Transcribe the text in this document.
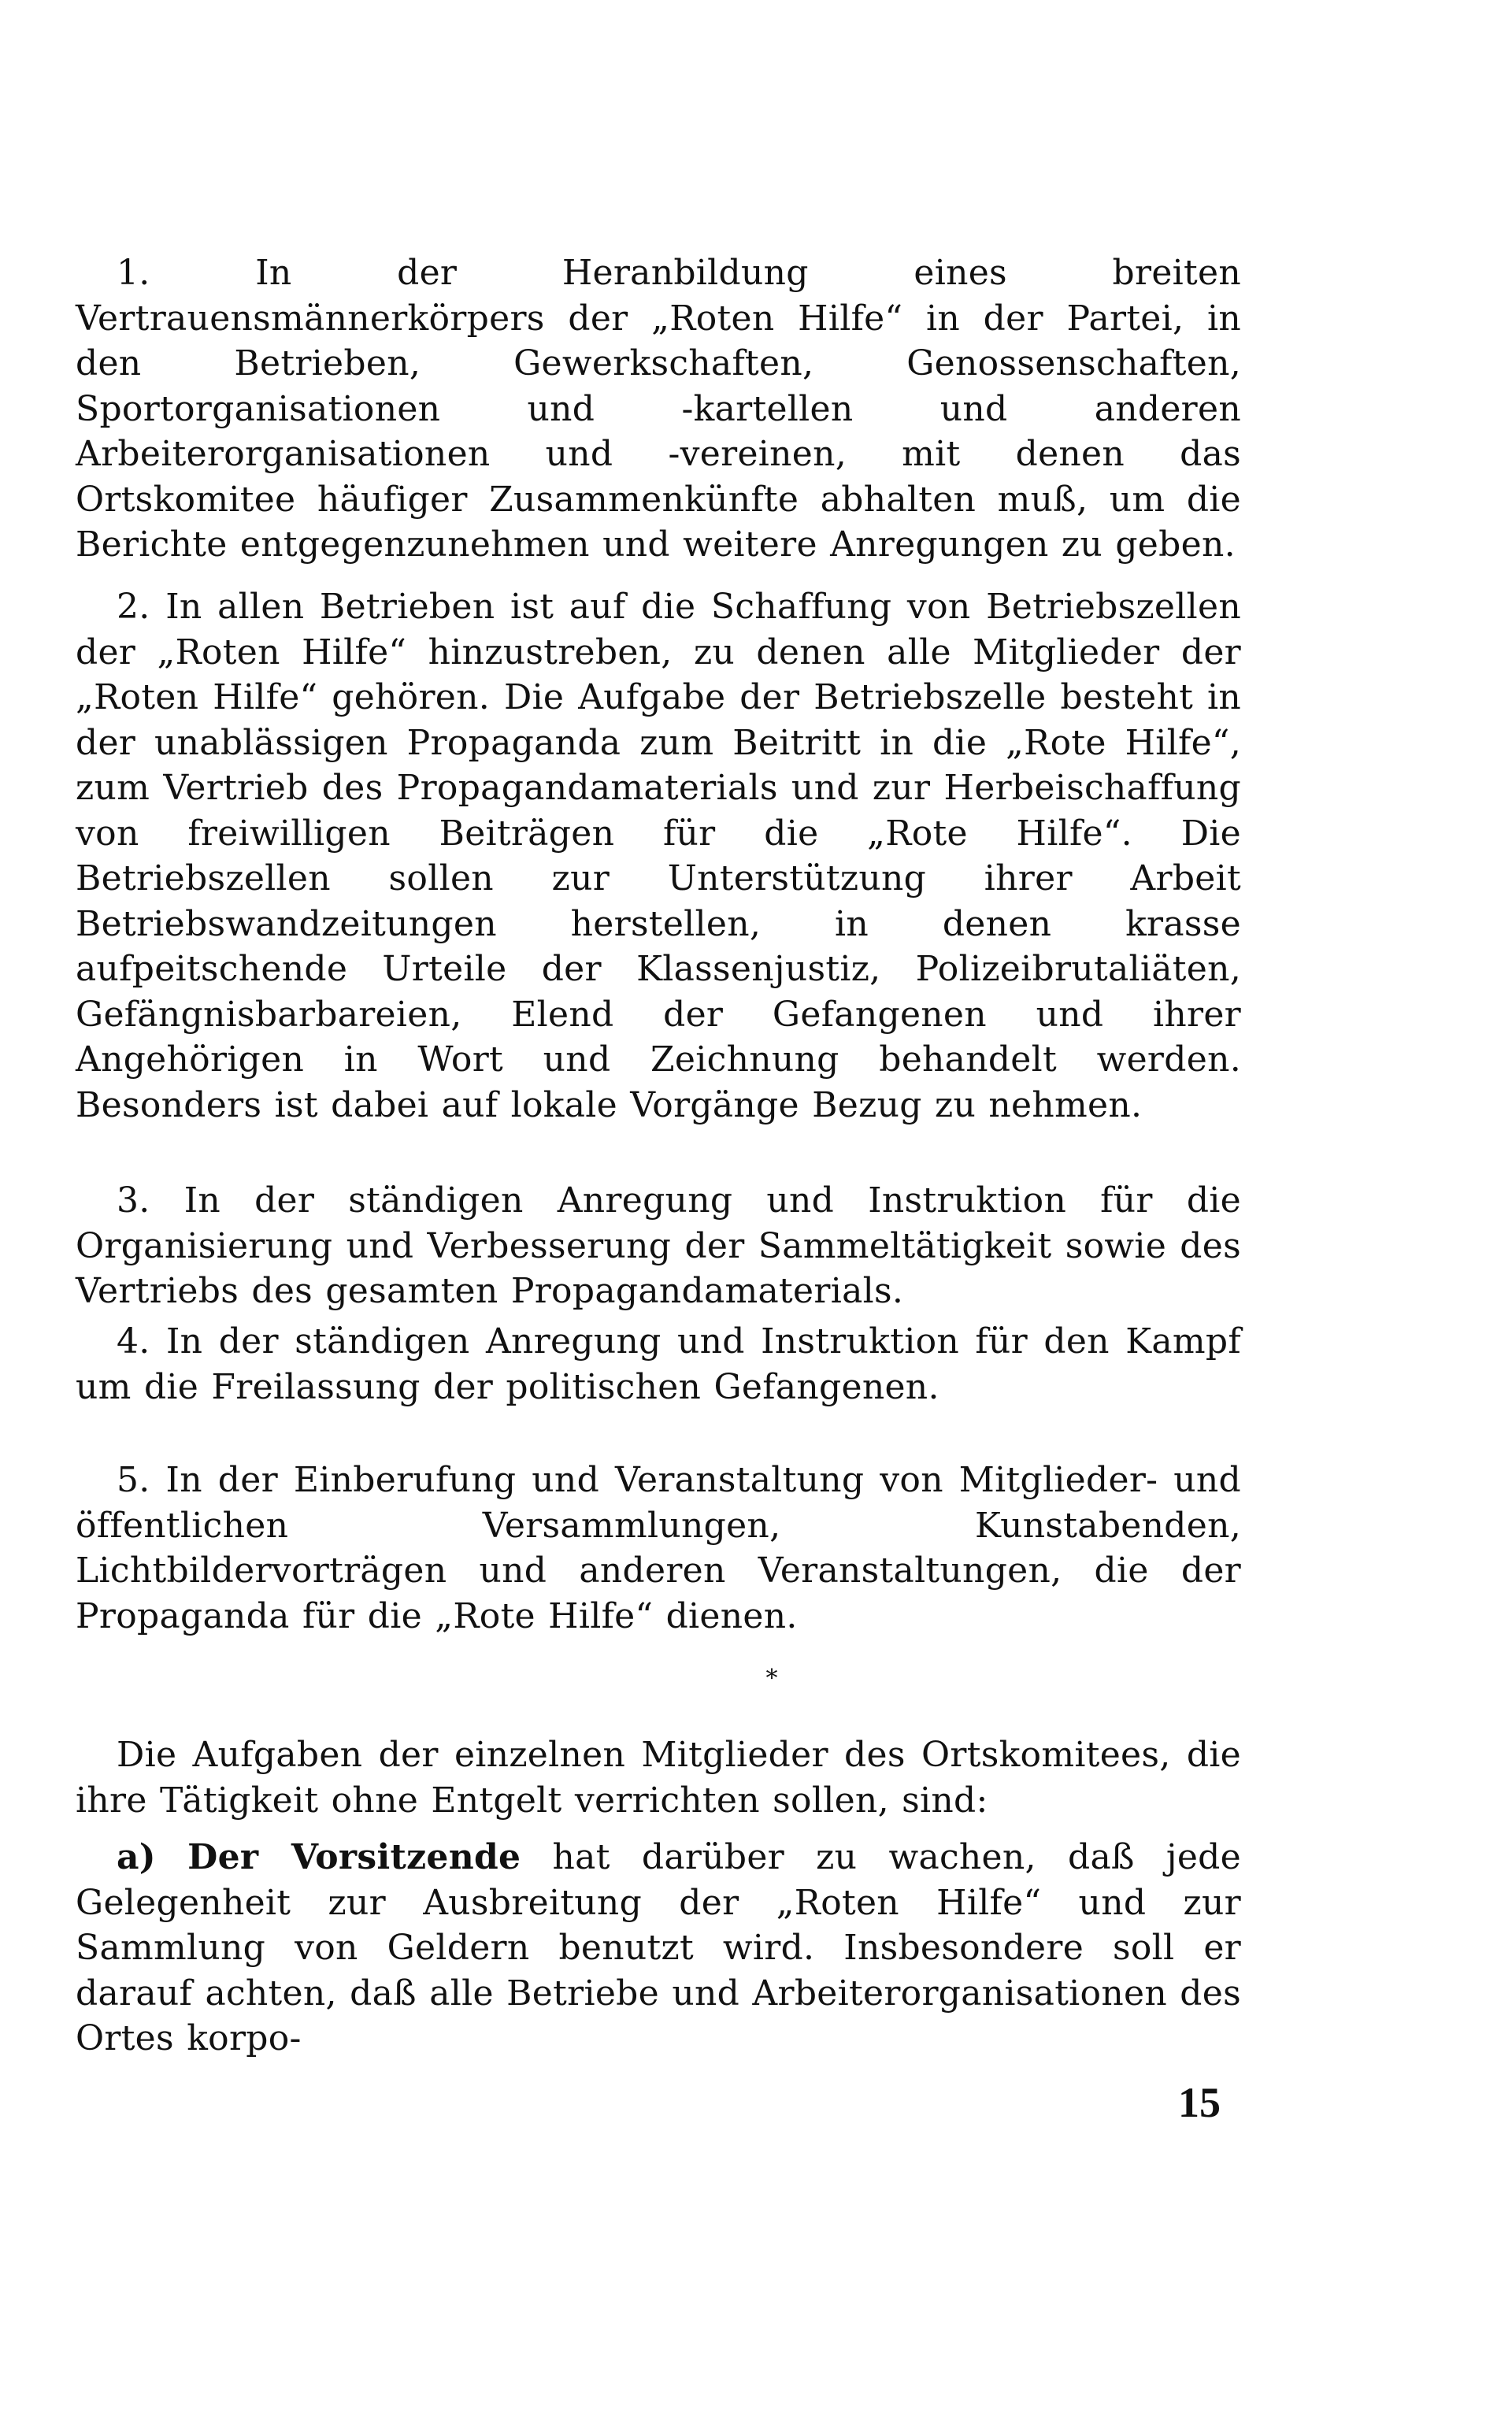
1.	In der Heranbildung eines breiten Vertrauensmännerkörpers der „Roten Hilfe“ in der Partei, in den Betrieben, Gewerkschaften, Genossenschaften, Sportorganisationen und -kartellen und anderen Arbeiterorganisationen und -vereinen, mit denen das Ortskomitee häufiger Zusammenkünfte abhalten muß, um die Berichte entgegenzunehmen und weitere Anregungen zu geben.

2. In allen Betrieben ist auf die Schaffung von Betriebszellen der „Roten Hilfe“ hinzustreben, zu denen alle Mitglieder der „Roten Hilfe“ gehören. Die Aufgabe der Betriebszelle besteht in der unablässigen Propaganda zum Beitritt in die „Rote Hilfe“, zum Vertrieb des Propagandamaterials und zur Herbeischaffung von freiwilligen Beiträgen für die „Rote Hilfe“. Die Betriebszellen sollen zur Unterstützung ihrer Arbeit Betriebswandzeitungen herstellen, in denen krasse aufpeitschende Urteile der Klassenjustiz, Polizeibrutaliäten, Gefängnisbarbareien, Elend der Gefangenen und ihrer Angehörigen in Wort und Zeichnung behandelt werden. Besonders ist dabei auf lokale Vorgänge Bezug zu nehmen.

3. In der ständigen Anregung und Instruktion für die Organisierung und Verbesserung der Sammeltätigkeit sowie des Vertriebs des gesamten Propagandamaterials.

4. In der ständigen Anregung und Instruktion für den Kampf um die Freilassung der politischen Gefangenen.

5. In der Einberufung und Veranstaltung von Mitglieder- und öffentlichen Versammlungen, Kunstabenden, Lichtbildervorträgen und anderen Veranstaltungen, die der Propaganda für die „Rote Hilfe“ dienen.

*

Die Aufgaben der einzelnen Mitglieder des Ortskomitees, die ihre Tätigkeit ohne Entgelt verrichten sollen, sind:

a) Der Vorsitzende hat darüber zu wachen, daß jede Gelegenheit zur Ausbreitung der „Roten Hilfe“ und zur Sammlung von Geldern benutzt wird. Insbesondere soll er darauf achten, daß alle Betriebe und Arbeiterorganisationen des Ortes korpo-

15
